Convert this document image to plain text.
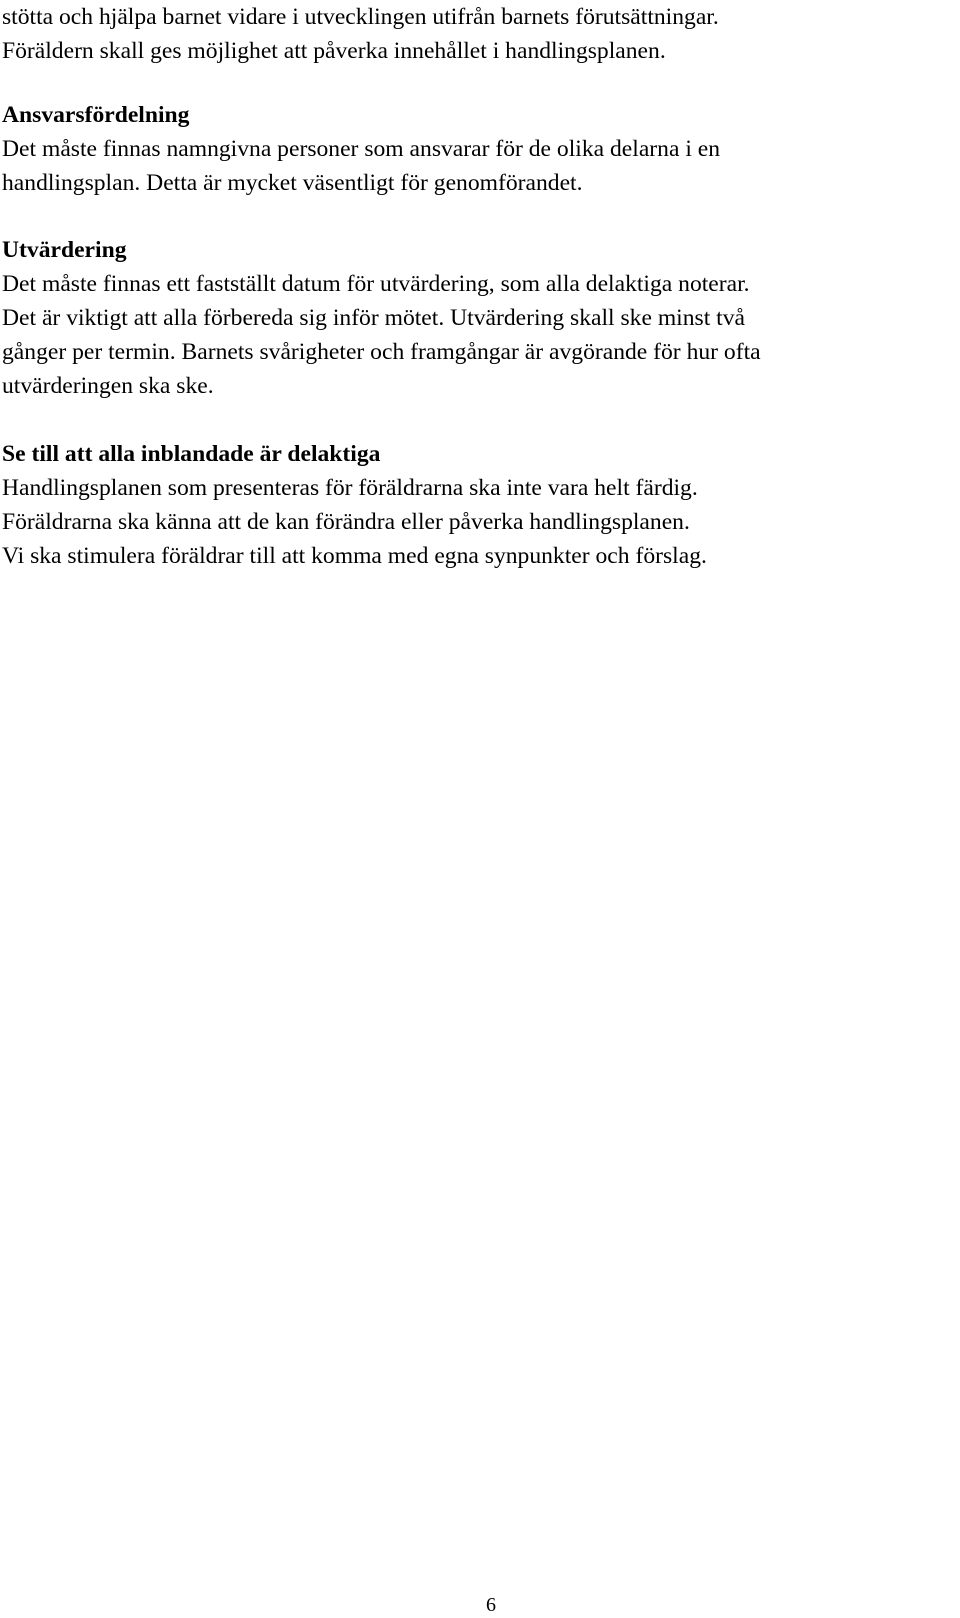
stötta och hjälpa barnet vidare i utvecklingen utifrån barnets förutsättningar.
Föräldern skall ges möjlighet att påverka innehållet i handlingsplanen.
Ansvarsfördelning
Det måste finnas namngivna personer som ansvarar för de olika delarna i en
handlingsplan. Detta är mycket väsentligt för genomförandet.
Utvärdering
Det måste finnas ett fastställt datum för utvärdering, som alla delaktiga noterar.
Det är viktigt att alla förbereda sig inför mötet. Utvärdering skall ske minst två
gånger per termin. Barnets svårigheter och framgångar är avgörande för hur ofta
utvärderingen ska ske.
Se till att alla inblandade är delaktiga
Handlingsplanen som presenteras för föräldrarna ska inte vara helt färdig.
Föräldrarna ska känna att de kan förändra eller påverka handlingsplanen.
Vi ska stimulera föräldrar till att komma med egna synpunkter och förslag.
6
